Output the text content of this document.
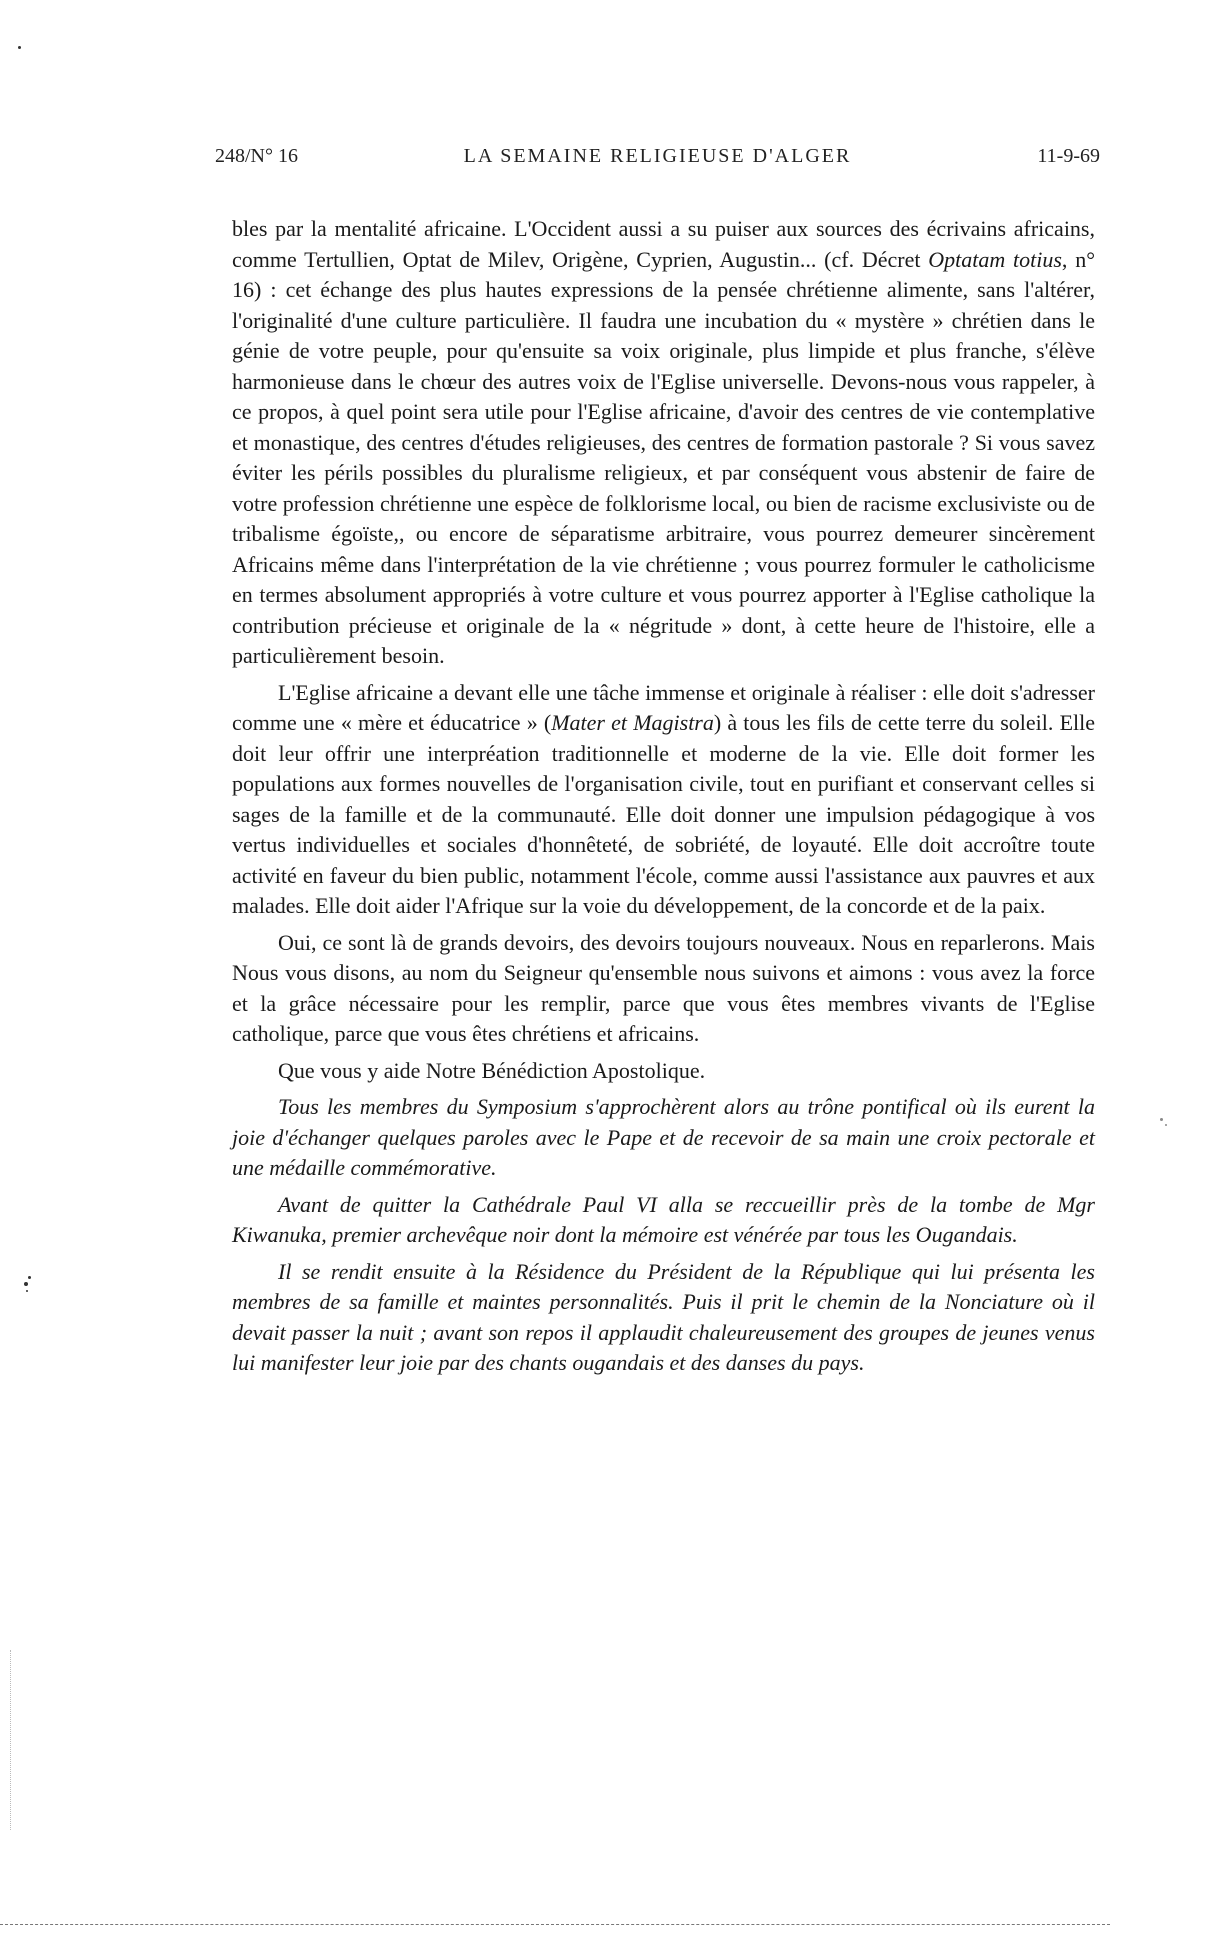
248/N° 16	LA SEMAINE RELIGIEUSE D'ALGER	11-9-69

bles par la mentalité africaine. L'Occident aussi a su puiser aux sources des écrivains africains, comme Tertullien, Optat de Milev, Origène, Cyprien, Augustin... (cf. Décret Optatam totius, n° 16) : cet échange des plus hautes expressions de la pensée chrétienne alimente, sans l'altérer, l'originalité d'une culture particulière. Il faudra une incubation du « mystère » chrétien dans le génie de votre peuple, pour qu'ensuite sa voix originale, plus limpide et plus franche, s'élève harmonieuse dans le chœur des autres voix de l'Eglise universelle. Devons-nous vous rappeler, à ce propos, à quel point sera utile pour l'Eglise africaine, d'avoir des centres de vie contemplative et monastique, des centres d'études religieuses, des centres de formation pastorale ? Si vous savez éviter les périls possibles du pluralisme religieux, et par conséquent vous abstenir de faire de votre profession chrétienne une espèce de folklorisme local, ou bien de racisme exclusiviste ou de tribalisme égoïste,, ou encore de séparatisme arbitraire, vous pourrez demeurer sincèrement Africains même dans l'interprétation de la vie chrétienne ; vous pourrez formuler le catholicisme en termes absolument appropriés à votre culture et vous pourrez apporter à l'Eglise catholique la contribution précieuse et originale de la « négritude » dont, à cette heure de l'histoire, elle a particulièrement besoin.

L'Eglise africaine a devant elle une tâche immense et originale à réaliser : elle doit s'adresser comme une « mère et éducatrice » (Mater et Magistra) à tous les fils de cette terre du soleil. Elle doit leur offrir une interpréation traditionnelle et moderne de la vie. Elle doit former les populations aux formes nouvelles de l'organisation civile, tout en purifiant et conservant celles si sages de la famille et de la communauté. Elle doit donner une impulsion pédagogique à vos vertus individuelles et sociales d'honnêteté, de sobriété, de loyauté. Elle doit accroître toute activité en faveur du bien public, notamment l'école, comme aussi l'assistance aux pauvres et aux malades. Elle doit aider l'Afrique sur la voie du développement, de la concorde et de la paix.

Oui, ce sont là de grands devoirs, des devoirs toujours nouveaux. Nous en reparlerons. Mais Nous vous disons, au nom du Seigneur qu'ensemble nous suivons et aimons : vous avez la force et la grâce nécessaire pour les remplir, parce que vous êtes membres vivants de l'Eglise catholique, parce que vous êtes chrétiens et africains.

Que vous y aide Notre Bénédiction Apostolique.

Tous les membres du Symposium s'approchèrent alors au trône pontifical où ils eurent la joie d'échanger quelques paroles avec le Pape et de recevoir de sa main une croix pectorale et une médaille commémorative.

Avant de quitter la Cathédrale Paul VI alla se reccueillir près de la tombe de Mgr Kiwanuka, premier archevêque noir dont la mémoire est vénérée par tous les Ougandais.

Il se rendit ensuite à la Résidence du Président de la République qui lui présenta les membres de sa famille et maintes personnalités. Puis il prit le chemin de la Nonciature où il devait passer la nuit ; avant son repos il applaudit chaleureusement des groupes de jeunes venus lui manifester leur joie par des chants ougandais et des danses du pays.
